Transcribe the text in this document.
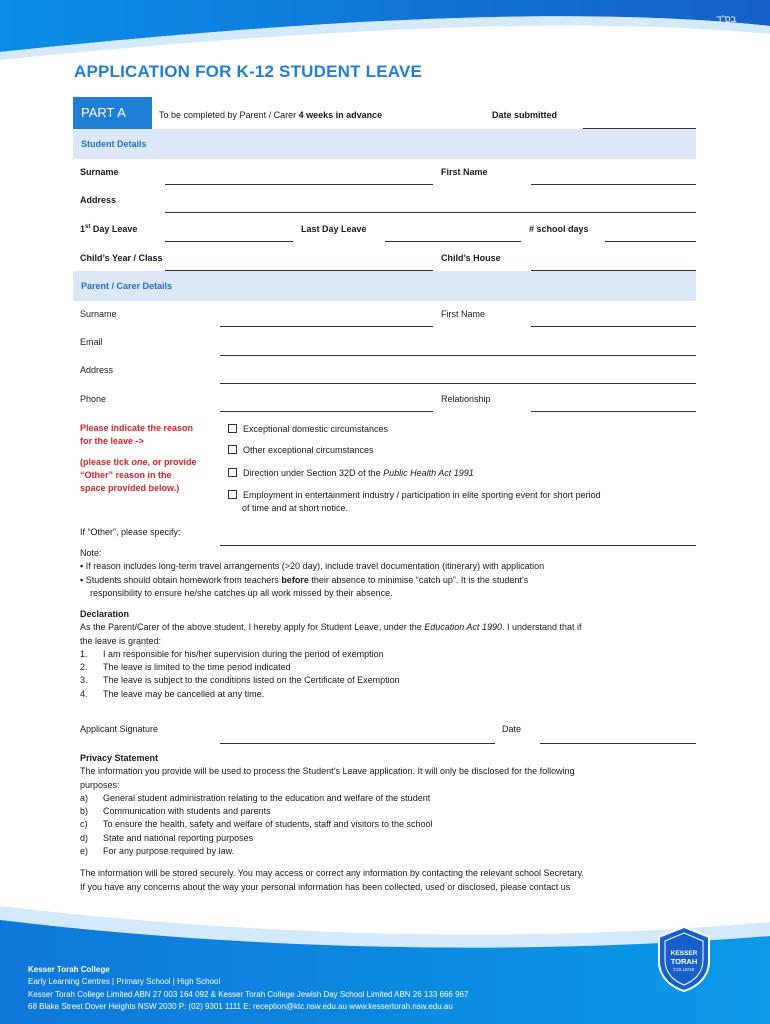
בס"ד
APPLICATION FOR K-12 STUDENT LEAVE
PART A	To be completed by Parent / Carer 4 weeks in advance	Date submitted
Student Details
Surname	First Name
Address
1st Day Leave	Last Day Leave	# school days
Child’s Year / Class	Child’s House
Parent / Carer Details
Surname	First Name
Email
Address
Phone	Relationship
Please indicate the reason
for the leave ->
(please tick one, or provide
“Other” reason in the
space provided below.)
Exceptional domestic circumstances
Other exceptional circumstances
Direction under Section 32D of the Public Health Act 1991
Employment in entertainment industry / participation in elite sporting event for short period
of time and at short notice.
If “Other”, please specify:

Note:

▪ If reason includes long-term travel arrangements (>20 day), include travel documentation (itinerary) with application

▪ Students should obtain homework from teachers before their absence to minimise “catch up”. It is the student’s

responsibility to ensure he/she catches up all work missed by their absence.

Declaration

As the Parent/Carer of the above student, I hereby apply for Student Leave, under the Education Act 1990. I understand that if

the leave is granted:

1.	I am responsible for his/her supervision during the period of exemption
2.	The leave is limited to the time period indicated
3.	The leave is subject to the conditions listed on the Certificate of Exemption
4.	The leave may be cancelled at any time.
Applicant Signature	Date

Privacy Statement

The information you provide will be used to process the Student’s Leave application. It will only be disclosed for the following

purposes:

a)	General student administration relating to the education and welfare of the student
b)	Communication with students and parents
c)	To ensure the health, safety and welfare of students, staff and visitors to the school
d)	State and national reporting purposes
e)	For any purpose required by law.

The information will be stored securely. You may access or correct any information by contacting the relevant school Secretary.

If you have any concerns about the way your personal information has been collected, used or disclosed, please contact us

KESSER
TORAH
COLLEGE
Kesser Torah College
Early Learning Centres | Primary School | High School
Kesser Torah College Limited ABN 27 003 164 092 & Kesser Torah College Jewish Day School Limited ABN 26 133 666 967
68 Blake Street Dover Heights NSW 2030 P: (02) 9301 1111 E: reception@ktc.nsw.edu.au www.kessertorah.nsw.edu.au
